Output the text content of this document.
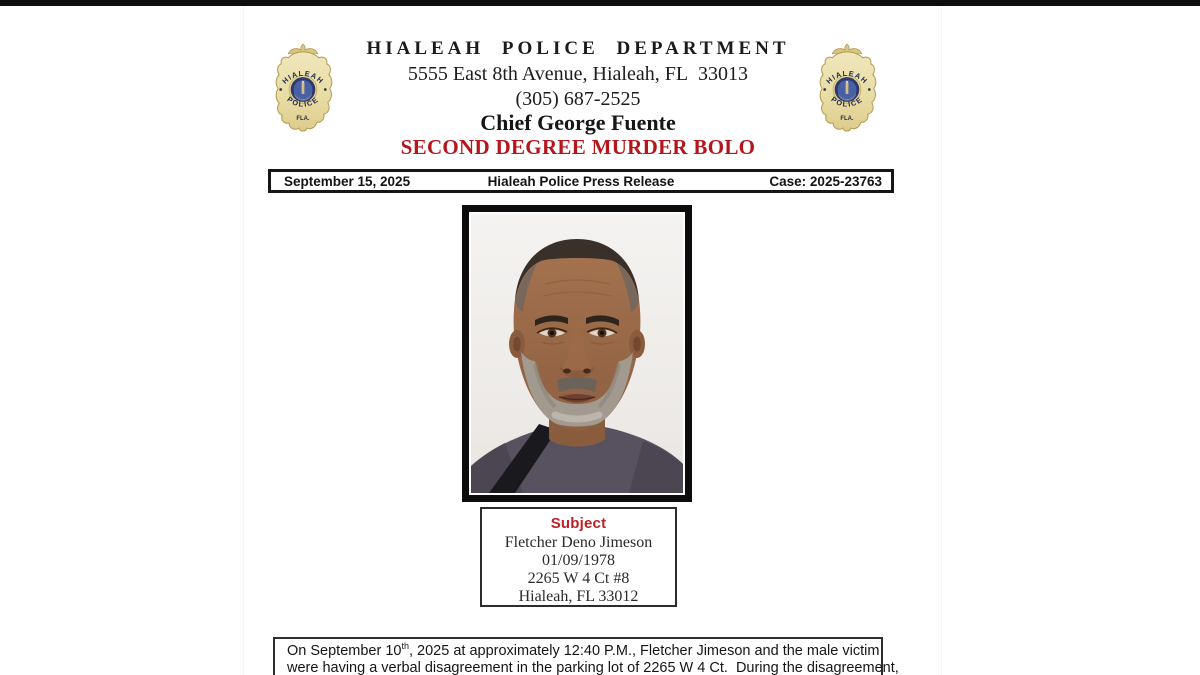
HIALEAH POLICE DEPARTMENT
5555 East 8th Avenue, Hialeah, FL  33013
(305) 687-2525
Chief George Fuente
SECOND DEGREE MURDER BOLO
September 15, 2025	Hialeah Police Press Release	Case: 2025-23763
Subject
Fletcher Deno Jimeson
01/09/1978
2265 W 4 Ct #8
Hialeah, FL 33012
On September 10th, 2025 at approximately 12:40 P.M., Fletcher Jimeson and the male victim
were having a verbal disagreement in the parking lot of 2265 W 4 Ct.  During the disagreement,
